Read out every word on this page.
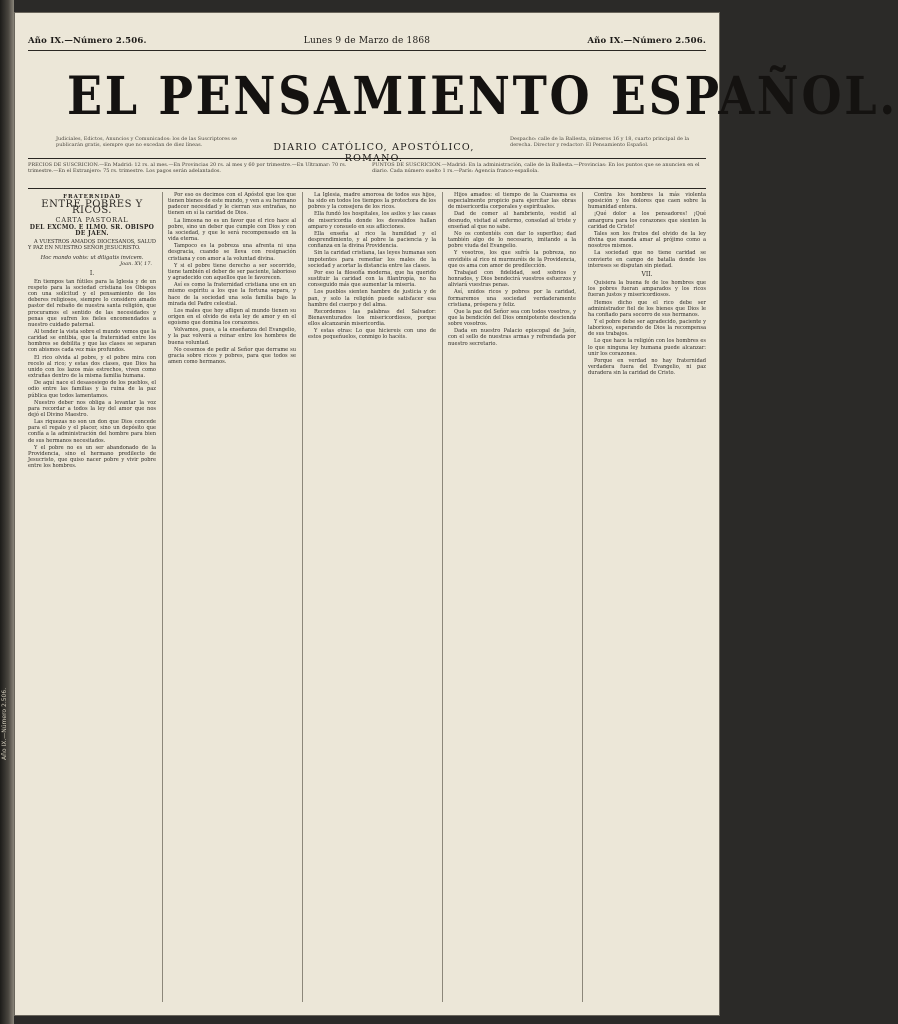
Año IX.—Número 2.506.
Año IX.—Número 2.506.	Lunes 9 de Marzo de 1868	Año IX.—Número 2.506.
EL PENSAMIENTO ESPAÑOL.
Judiciales, Edictos, Anuncios y Comunicados: los de las Suscriptores se publicarán gratis, siempre que no excedan de diez líneas.	DIARIO CATÓLICO, APOSTÓLICO, ROMANO.
Despacho: calle de la Ballesta, números 16 y 18, cuarto principal de la derecha. Director y redactor: El Pensamiento Español.
PRECIOS DE SUSCRICION.—En Madrid: 12 rs. al mes.—En Provincias 20 rs. al mes y 60 por trimestre.—En Ultramar: 70 rs. trimestre.—En el Extranjero: 75 rs. trimestre. Los pagos serán adelantados.
PUNTOS DE SUSCRICION.—Madrid: En la administración, calle de la Ballesta.—Provincias: En los puntos que se anuncien en el diario. Cada número suelto 1 rs.—París: Agencia franco-española.
FRATERNIDAD
ENTRE POBRES Y RICOS.
CARTA PASTORAL
DEL EXCMO. E ILMO. SR. OBISPO DE JAEN.

A VUESTROS AMADOS DIOCESANOS, SALUD Y PAZ EN NUESTRO SEÑOR JESUCRISTO.

Hoc mando vobis: ut diligatis invicem.
Joan. XV, 17.
I.

En tiempos tan fútiles para la Iglesia y de un respeto para la sociedad cristiana los Obispos con una solicitud y el pensamiento de los deberes religiosos, siempre lo considero amado pastor del rebaño de nuestra santa religión, que procuramos el sentido de las necesidades y penas que sufren los fieles encomendados a nuestro cuidado paternal.

Al tender la vista sobre el mundo vemos que la caridad se entibia, que la fraternidad entre los hombres se debilita y que las clases se separan con abismos cada vez más profundos.

El rico olvida al pobre, y el pobre mira con recelo al rico; y estas dos clases, que Dios ha unido con los lazos más estrechos, viven como extrañas dentro de la misma familia humana.

De aquí nace el desasosiego de los pueblos, el odio entre las familias y la ruina de la paz pública que todos lamentamos.

Nuestro deber nos obliga a levantar la voz para recordar a todos la ley del amor que nos dejó el Divino Maestro.

Las riquezas no son un don que Dios concede para el regalo y el placer, sino un depósito que confía a la administración del hombre para bien de sus hermanos necesitados.

Y el pobre no es un ser abandonado de la Providencia, sino el hermano predilecto de Jesucristo, que quiso nacer pobre y vivir pobre entre los hombres.

Por eso os decimos con el Apóstol que los que tienen bienes de este mundo, y ven a su hermano padecer necesidad y le cierran sus entrañas, no tienen en sí la caridad de Dios.

La limosna no es un favor que el rico hace al pobre, sino un deber que cumple con Dios y con la sociedad, y que le será recompensado en la vida eterna.

Tampoco es la pobreza una afrenta ni una desgracia, cuando se lleva con resignación cristiana y con amor a la voluntad divina.

Y si el pobre tiene derecho a ser socorrido, tiene también el deber de ser paciente, laborioso y agradecido con aquellos que le favorecen.

Así es como la fraternidad cristiana une en un mismo espíritu a los que la fortuna separa, y hace de la sociedad una sola familia bajo la mirada del Padre celestial.

Los males que hoy afligen al mundo tienen su origen en el olvido de esta ley de amor y en el egoísmo que domina los corazones.

Volvamos, pues, a la enseñanza del Evangelio, y la paz volverá a reinar entre los hombres de buena voluntad.

No cesemos de pedir al Señor que derrame su gracia sobre ricos y pobres, para que todos se amen como hermanos.

La Iglesia, madre amorosa de todos sus hijos, ha sido en todos los tiempos la protectora de los pobres y la consejera de los ricos.

Ella fundó los hospitales, los asilos y las casas de misericordia donde los desvalidos hallan amparo y consuelo en sus aflicciones.

Ella enseña al rico la humildad y el desprendimiento, y al pobre la paciencia y la confianza en la divina Providencia.

Sin la caridad cristiana, las leyes humanas son impotentes para remediar los males de la sociedad y acortar la distancia entre las clases.

Por eso la filosofía moderna, que ha querido sustituir la caridad con la filantropía, no ha conseguido más que aumentar la miseria.

Los pueblos sienten hambre de justicia y de pan, y solo la religión puede satisfacer esa hambre del cuerpo y del alma.

Recordemos las palabras del Salvador: Bienaventurados los misericordiosos, porque ellos alcanzarán misericordia.

Y estas otras: Lo que hiciereis con uno de estos pequeñuelos, conmigo lo hacéis.

Hijos amados: el tiempo de la Cuaresma es especialmente propicio para ejercitar las obras de misericordia corporales y espirituales.

Dad de comer al hambriento, vestid al desnudo, visitad al enfermo, consolad al triste y enseñad al que no sabe.

No os contentéis con dar lo superfluo; dad también algo de lo necesario, imitando a la pobre viuda del Evangelio.

Y vosotros, los que sufrís la pobreza, no envidiéis al rico ni murmuréis de la Providencia, que os ama con amor de predilección.

Trabajad con fidelidad, sed sobrios y honrados, y Dios bendecirá vuestros esfuerzos y aliviará vuestras penas.

Así, unidos ricos y pobres por la caridad, formaremos una sociedad verdaderamente cristiana, próspera y feliz.

Que la paz del Señor sea con todos vosotros, y que la bendición del Dios omnipotente descienda sobre vosotros.

Dada en nuestro Palacio episcopal de Jaén, con el sello de nuestras armas y refrendada por nuestro secretario.

Contra los hombres la más violenta oposición y los dolores que caen sobre la humanidad entera.

¡Qué dolor a los pensadores! ¡Qué amargura para los corazones que sienten la caridad de Cristo!

Tales son los frutos del olvido de la ley divina que manda amar al prójimo como a nosotros mismos.

La sociedad que no tiene caridad se convierte en campo de batalla donde los intereses se disputan sin piedad.

VII.

Quisiera la buena fe de los hombres que los pobres fueran amparados y los ricos fueran justos y misericordiosos.

Hemos dicho que el rico debe ser administrador fiel de los bienes que Dios le ha confiado para socorro de sus hermanos.

Y el pobre debe ser agradecido, paciente y laborioso, esperando de Dios la recompensa de sus trabajos.

Lo que hace la religión con los hombres es lo que ninguna ley humana puede alcanzar: unir los corazones.

Porque en verdad no hay fraternidad verdadera fuera del Evangelio, ni paz duradera sin la caridad de Cristo.
